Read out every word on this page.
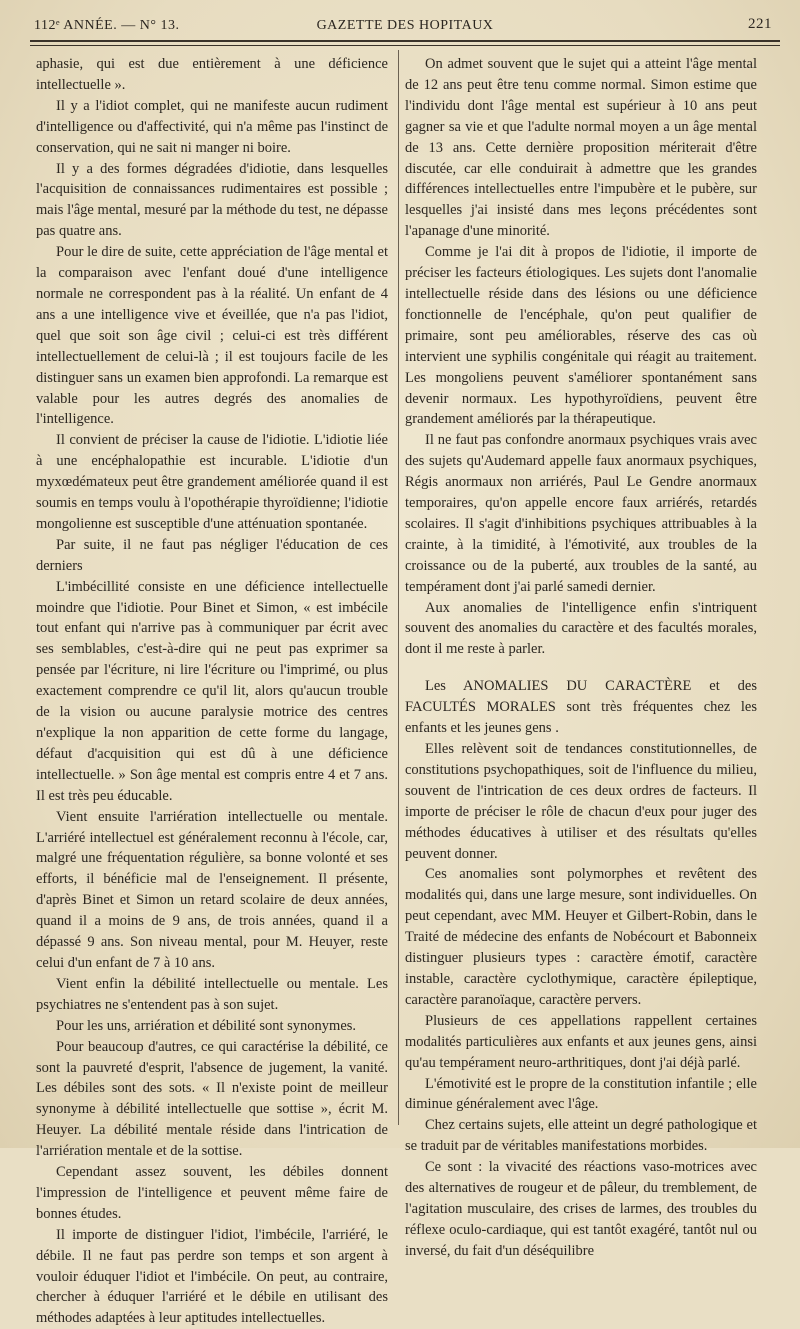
112ᵉ ANNÉE. — N° 13.	GAZETTE DES HOPITAUX	221

aphasie, qui est due entièrement à une déficience intellectuelle ».

Il y a l'idiot complet, qui ne manifeste aucun rudiment d'intelligence ou d'affectivité, qui n'a même pas l'instinct de conservation, qui ne sait ni manger ni boire.

Il y a des formes dégradées d'idiotie, dans lesquelles l'acquisition de connaissances rudimentaires est possible ; mais l'âge mental, mesuré par la méthode du test, ne dépasse pas quatre ans.

Pour le dire de suite, cette appréciation de l'âge mental et la comparaison avec l'enfant doué d'une intelligence normale ne correspondent pas à la réalité. Un enfant de 4 ans a une intelligence vive et éveillée, que n'a pas l'idiot, quel que soit son âge civil ; celui-ci est très différent intellectuellement de celui-là ; il est toujours facile de les distinguer sans un examen bien approfondi. La remarque est valable pour les autres degrés des anomalies de l'intelligence.

Il convient de préciser la cause de l'idiotie. L'idiotie liée à une encéphalopathie est incurable. L'idiotie d'un myxœdémateux peut être grandement améliorée quand il est soumis en temps voulu à l'opothérapie thyroïdienne; l'idiotie mongolienne est susceptible d'une atténuation spontanée.

Par suite, il ne faut pas négliger l'éducation de ces derniers

L'imbécillité consiste en une déficience intellectuelle moindre que l'idiotie. Pour Binet et Simon, « est imbécile tout enfant qui n'arrive pas à communiquer par écrit avec ses semblables, c'est-à-dire qui ne peut pas exprimer sa pensée par l'écriture, ni lire l'écriture ou l'imprimé, ou plus exactement comprendre ce qu'il lit, alors qu'aucun trouble de la vision ou aucune paralysie motrice des centres n'explique la non apparition de cette forme du langage, défaut d'acquisition qui est dû à une déficience intellectuelle. » Son âge mental est compris entre 4 et 7 ans. Il est très peu éducable.

Vient ensuite l'arriération intellectuelle ou mentale. L'arriéré intellectuel est généralement reconnu à l'école, car, malgré une fréquentation régulière, sa bonne volonté et ses efforts, il bénéficie mal de l'enseignement. Il présente, d'après Binet et Simon un retard scolaire de deux années, quand il a moins de 9 ans, de trois années, quand il a dépassé 9 ans. Son niveau mental, pour M. Heuyer, reste celui d'un enfant de 7 à 10 ans.

Vient enfin la débilité intellectuelle ou mentale. Les psychiatres ne s'entendent pas à son sujet.

Pour les uns, arriération et débilité sont synonymes.

Pour beaucoup d'autres, ce qui caractérise la débilité, ce sont la pauvreté d'esprit, l'absence de jugement, la vanité. Les débiles sont des sots. « Il n'existe point de meilleur synonyme à débilité intellectuelle que sottise », écrit M. Heuyer. La débilité mentale réside dans l'intrication de l'arriération mentale et de la sottise.

Cependant assez souvent, les débiles donnent l'impression de l'intelligence et peuvent même faire de bonnes études.

Il importe de distinguer l'idiot, l'imbécile, l'arriéré, le débile. Il ne faut pas perdre son temps et son argent à vouloir éduquer l'idiot et l'imbécile. On peut, au contraire, chercher à éduquer l'arriéré et le débile en utilisant des méthodes adaptées à leur aptitudes intellectuelles.

On admet souvent que le sujet qui a atteint l'âge mental de 12 ans peut être tenu comme normal. Simon estime que l'individu dont l'âge mental est supérieur à 10 ans peut gagner sa vie et que l'adulte normal moyen a un âge mental de 13 ans. Cette dernière proposition mériterait d'être discutée, car elle conduirait à admettre que les grandes différences intellectuelles entre l'impubère et le pubère, sur lesquelles j'ai insisté dans mes leçons précédentes sont l'apanage d'une minorité.

Comme je l'ai dit à propos de l'idiotie, il importe de préciser les facteurs étiologiques. Les sujets dont l'anomalie intellectuelle réside dans des lésions ou une déficience fonctionnelle de l'encéphale, qu'on peut qualifier de primaire, sont peu améliorables, réserve des cas où intervient une syphilis congénitale qui réagit au traitement. Les mongoliens peuvent s'améliorer spontanément sans devenir normaux. Les hypothyroïdiens, peuvent être grandement améliorés par la thérapeutique.

Il ne faut pas confondre anormaux psychiques vrais avec des sujets qu'Audemard appelle faux anormaux psychiques, Régis anormaux non arriérés, Paul Le Gendre anormaux temporaires, qu'on appelle encore faux arriérés, retardés scolaires. Il s'agit d'inhibitions psychiques attribuables à la crainte, à la timidité, à l'émotivité, aux troubles de la croissance ou de la puberté, aux troubles de la santé, au tempérament dont j'ai parlé samedi dernier.

Aux anomalies de l'intelligence enfin s'intriquent souvent des anomalies du caractère et des facultés morales, dont il me reste à parler.

Les ANOMALIES DU CARACTÈRE et des FACULTÉS MORALES sont très fréquentes chez les enfants et les jeunes gens .

Elles relèvent soit de tendances constitutionnelles, de constitutions psychopathiques, soit de l'influence du milieu, souvent de l'intrication de ces deux ordres de facteurs. Il importe de préciser le rôle de chacun d'eux pour juger des méthodes éducatives à utiliser et des résultats qu'elles peuvent donner.

Ces anomalies sont polymorphes et revêtent des modalités qui, dans une large mesure, sont individuelles. On peut cependant, avec MM. Heuyer et Gilbert-Robin, dans le Traité de médecine des enfants de Nobécourt et Babonneix distinguer plusieurs types : caractère émotif, caractère instable, caractère cyclothymique, caractère épileptique, caractère paranoïaque, caractère pervers.

Plusieurs de ces appellations rappellent certaines modalités particulières aux enfants et aux jeunes gens, ainsi qu'au tempérament neuro-arthritiques, dont j'ai déjà parlé.

L'émotivité est le propre de la constitution infantile ; elle diminue généralement avec l'âge.

Chez certains sujets, elle atteint un degré pathologique et se traduit par de véritables manifestations morbides.

Ce sont : la vivacité des réactions vaso-motrices avec des alternatives de rougeur et de pâleur, du tremblement, de l'agitation musculaire, des crises de larmes, des troubles du réflexe oculo-cardiaque, qui est tantôt exagéré, tantôt nul ou inversé, du fait d'un déséquilibre
